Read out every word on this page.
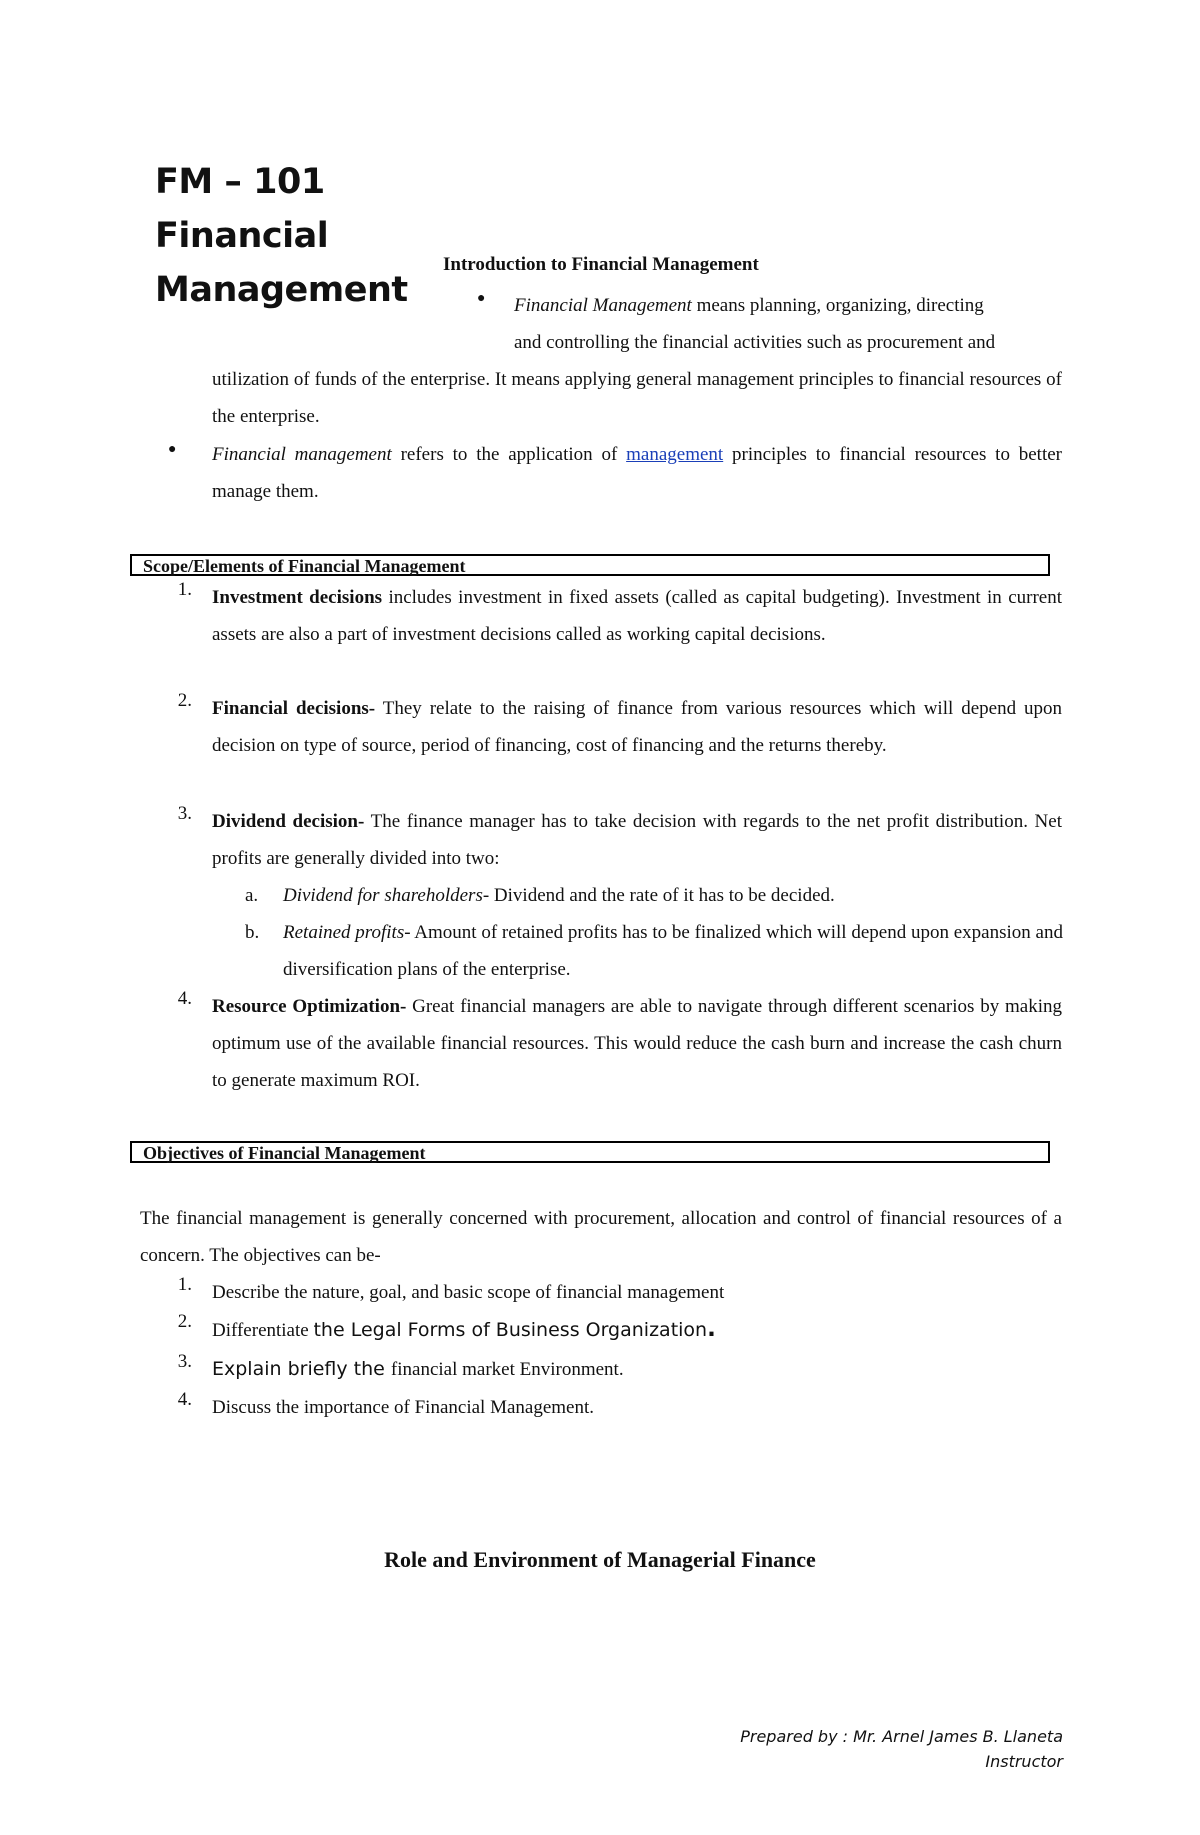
FM – 101
Financial
Management
Introduction to Financial Management
● Financial Management means planning, organizing, directing
and controlling the financial activities such as procurement and
utilization of funds of the enterprise. It means applying general management principles to financial resources of the enterprise.
● Financial management refers to the application of management principles to financial resources to better manage them.
Scope/Elements of Financial Management
1. Investment decisions includes investment in fixed assets (called as capital budgeting). Investment in current assets are also a part of investment decisions called as working capital decisions.
2. Financial decisions- They relate to the raising of finance from various resources which will depend upon decision on type of source, period of financing, cost of financing and the returns thereby.
3. Dividend decision- The finance manager has to take decision with regards to the net profit distribution. Net profits are generally divided into two:
a. Dividend for shareholders- Dividend and the rate of it has to be decided.
b. Retained profits- Amount of retained profits has to be finalized which will depend upon expansion and diversification plans of the enterprise.
4. Resource Optimization- Great financial managers are able to navigate through different scenarios by making optimum use of the available financial resources. This would reduce the cash burn and increase the cash churn to generate maximum ROI.
Objectives of Financial Management
The financial management is generally concerned with procurement, allocation and control of financial resources of a concern. The objectives can be-
1. Describe the nature, goal, and basic scope of financial management
2. Differentiate the Legal Forms of Business Organization.
3. Explain briefly the financial market Environment.
4. Discuss the importance of Financial Management.
Role and Environment of Managerial Finance
Prepared by : Mr. Arnel James B. Llaneta
Instructor
